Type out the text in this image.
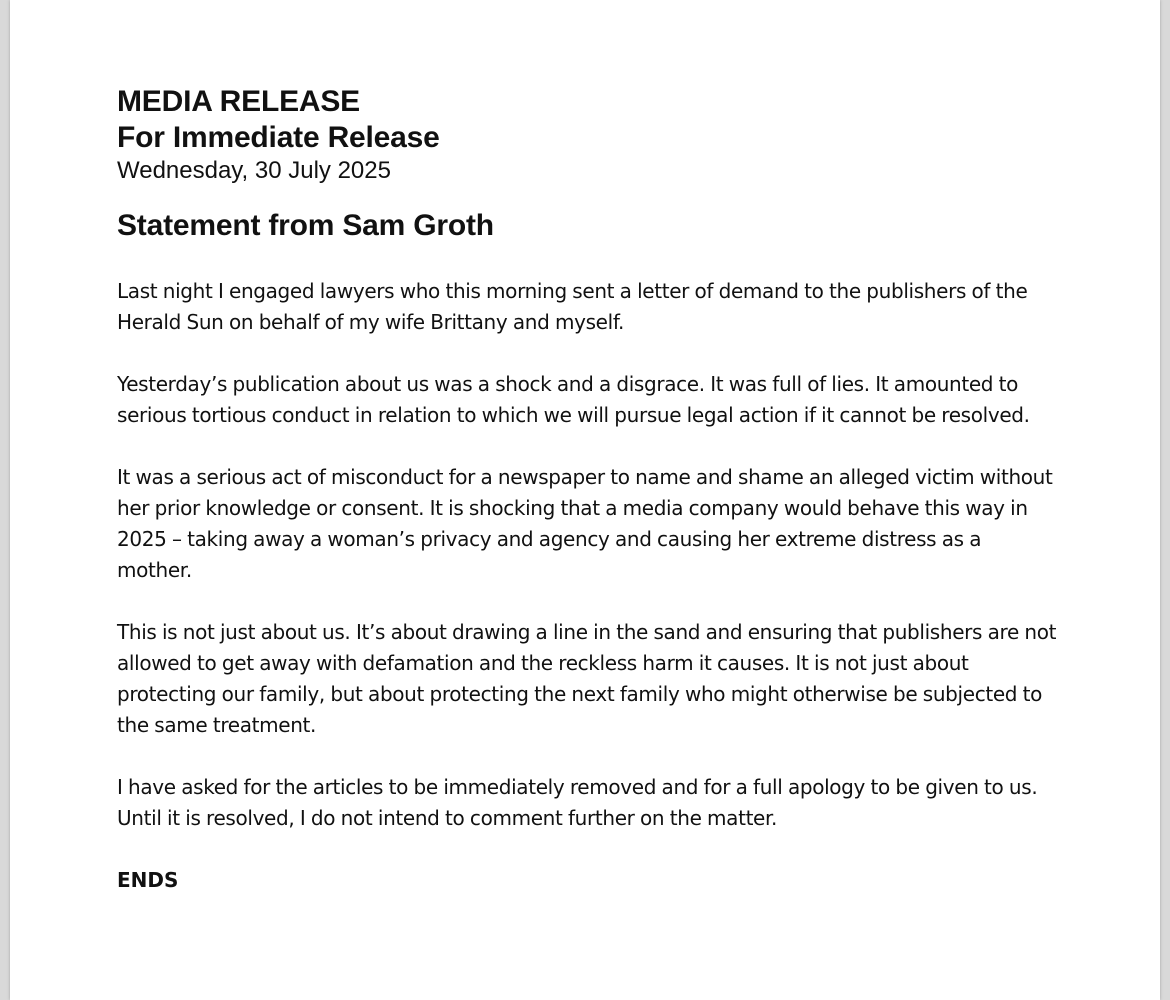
MEDIA RELEASE

For Immediate Release

Wednesday, 30 July 2025

Statement from Sam Groth

Last night I engaged lawyers who this morning sent a letter of demand to the publishers of the Herald Sun on behalf of my wife Brittany and myself.

Yesterday’s publication about us was a shock and a disgrace. It was full of lies. It amounted to serious tortious conduct in relation to which we will pursue legal action if it cannot be resolved.

It was a serious act of misconduct for a newspaper to name and shame an alleged victim without her prior knowledge or consent. It is shocking that a media company would behave this way in 2025 – taking away a woman’s privacy and agency and causing her extreme distress as a mother.

This is not just about us. It’s about drawing a line in the sand and ensuring that publishers are not allowed to get away with defamation and the reckless harm it causes. It is not just about protecting our family, but about protecting the next family who might otherwise be subjected to the same treatment.

I have asked for the articles to be immediately removed and for a full apology to be given to us. Until it is resolved, I do not intend to comment further on the matter.

ENDS
